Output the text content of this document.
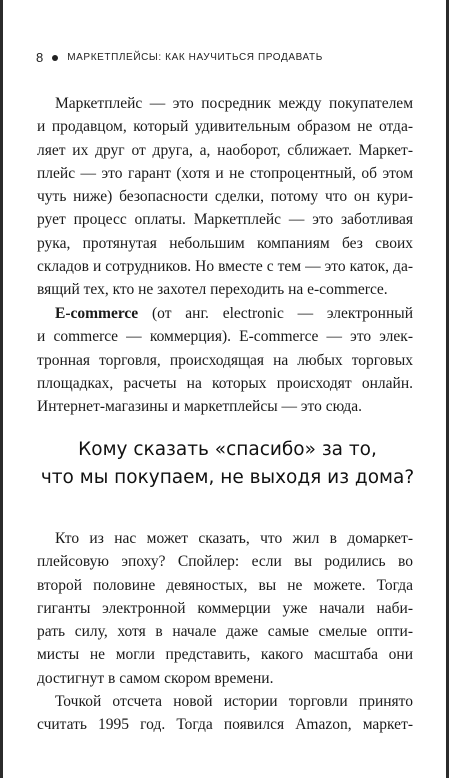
8 МАРКЕТПЛЕЙСЫ: КАК НАУЧИТЬСЯ ПРОДАВАТЬ
Маркетплейс — это посредник между покупателем
и продавцом, который удивительным образом не отда-
ляет их друг от друга, а, наоборот, сближает. Маркет-
плейс — это гарант (хотя и не стопроцентный, об этом
чуть ниже) безопасности сделки, потому что он кури-
рует процесс оплаты. Маркетплейс — это заботливая
рука, протянутая небольшим компаниям без своих
складов и сотрудников. Но вместе с тем — это каток, да-
вящий тех, кто не захотел переходить на e-commerce.
E-commerce (от анг. electronic — электронный
и commerce — коммерция). E-commerce — это элек-
тронная торговля, происходящая на любых торговых
площадках, расчеты на которых происходят онлайн.
Интернет-магазины и маркетплейсы — это сюда.
Кому сказать «спасибо» за то,
что мы покупаем, не выходя из дома?
Кто из нас может сказать, что жил в домаркет-
плейсовую эпоху? Спойлер: если вы родились во
второй половине девяностых, вы не можете. Тогда
гиганты электронной коммерции уже начали наби-
рать силу, хотя в начале даже самые смелые опти-
мисты не могли представить, какого масштаба они
достигнут в самом скором времени.
Точкой отсчета новой истории торговли принято
считать 1995 год. Тогда появился Amazon, маркет-
